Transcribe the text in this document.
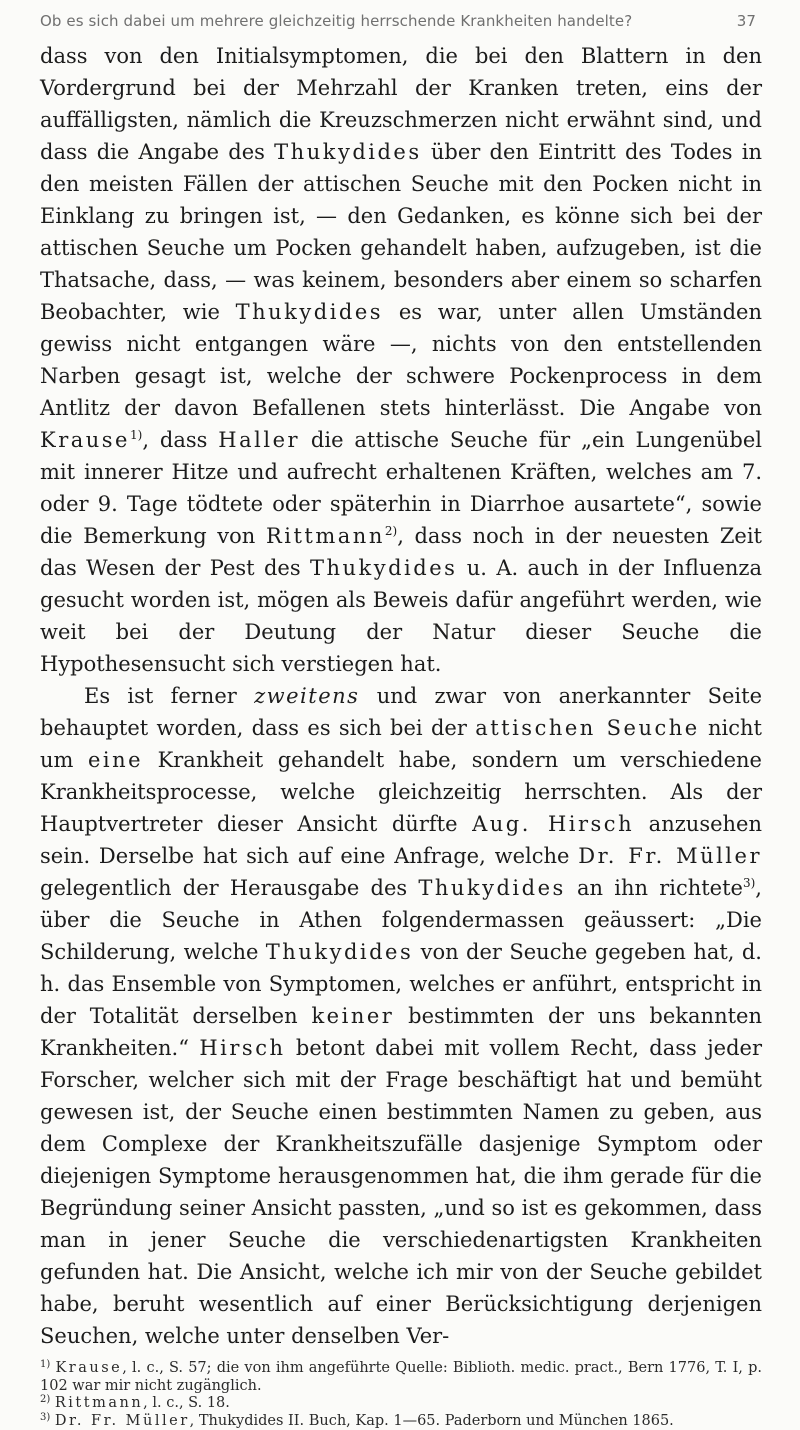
Ob es sich dabei um mehrere gleichzeitig herrschende Krankheiten handelte?	37

dass von den Initialsymptomen, die bei den Blattern in den Vordergrund bei der Mehrzahl der Kranken treten, eins der auffälligsten, nämlich die Kreuzschmerzen nicht erwähnt sind, und dass die Angabe des Thukydides über den Eintritt des Todes in den meisten Fällen der attischen Seuche mit den Pocken nicht in Einklang zu bringen ist, — den Gedanken, es könne sich bei der attischen Seuche um Pocken gehandelt haben, aufzugeben, ist die Thatsache, dass, — was keinem, besonders aber einem so scharfen Beobachter, wie Thukydides es war, unter allen Umständen gewiss nicht entgangen wäre —, nichts von den entstellenden Narben gesagt ist, welche der schwere Pockenprocess in dem Antlitz der davon Befallenen stets hinterlässt. Die Angabe von Krause$^{1)}$, dass Haller die attische Seuche für „ein Lungenübel mit innerer Hitze und aufrecht erhaltenen Kräften, welches am 7. oder 9. Tage tödtete oder späterhin in Diarrhoe ausartete“, sowie die Bemerkung von Rittmann$^{2)}$, dass noch in der neuesten Zeit das Wesen der Pest des Thukydides u. A. auch in der Influenza gesucht worden ist, mögen als Beweis dafür angeführt werden, wie weit bei der Deutung der Natur dieser Seuche die Hypothesensucht sich verstiegen hat.

Es ist ferner zweitens und zwar von anerkannter Seite behauptet worden, dass es sich bei der attischen Seuche nicht um eine Krankheit gehandelt habe, sondern um verschiedene Krankheitsprocesse, welche gleichzeitig herrschten. Als der Hauptvertreter dieser Ansicht dürfte Aug. Hirsch anzusehen sein. Derselbe hat sich auf eine Anfrage, welche Dr. Fr. Müller gelegentlich der Herausgabe des Thukydides an ihn richtete$^{3)}$, über die Seuche in Athen folgendermassen geäussert: „Die Schilderung, welche Thukydides von der Seuche gegeben hat, d. h. das Ensemble von Symptomen, welches er anführt, entspricht in der Totalität derselben keiner bestimmten der uns bekannten Krankheiten.“ Hirsch betont dabei mit vollem Recht, dass jeder Forscher, welcher sich mit der Frage beschäftigt hat und bemüht gewesen ist, der Seuche einen bestimmten Namen zu geben, aus dem Complexe der Krankheitszufälle dasjenige Symptom oder diejenigen Symptome herausgenommen hat, die ihm gerade für die Begründung seiner Ansicht passten, „und so ist es gekommen, dass man in jener Seuche die verschiedenartigsten Krankheiten gefunden hat. Die Ansicht, welche ich mir von der Seuche gebildet habe, beruht wesentlich auf einer Berücksichtigung derjenigen Seuchen, welche unter denselben Ver-

$^{1)}$ Krause, l. c., S. 57; die von ihm angeführte Quelle: Biblioth. medic. pract., Bern 1776, T. I, p. 102 war mir nicht zugänglich.

$^{2)}$ Rittmann, l. c., S. 18.

$^{3)}$ Dr. Fr. Müller, Thukydides II. Buch, Kap. 1—65. Paderborn und München 1865.
